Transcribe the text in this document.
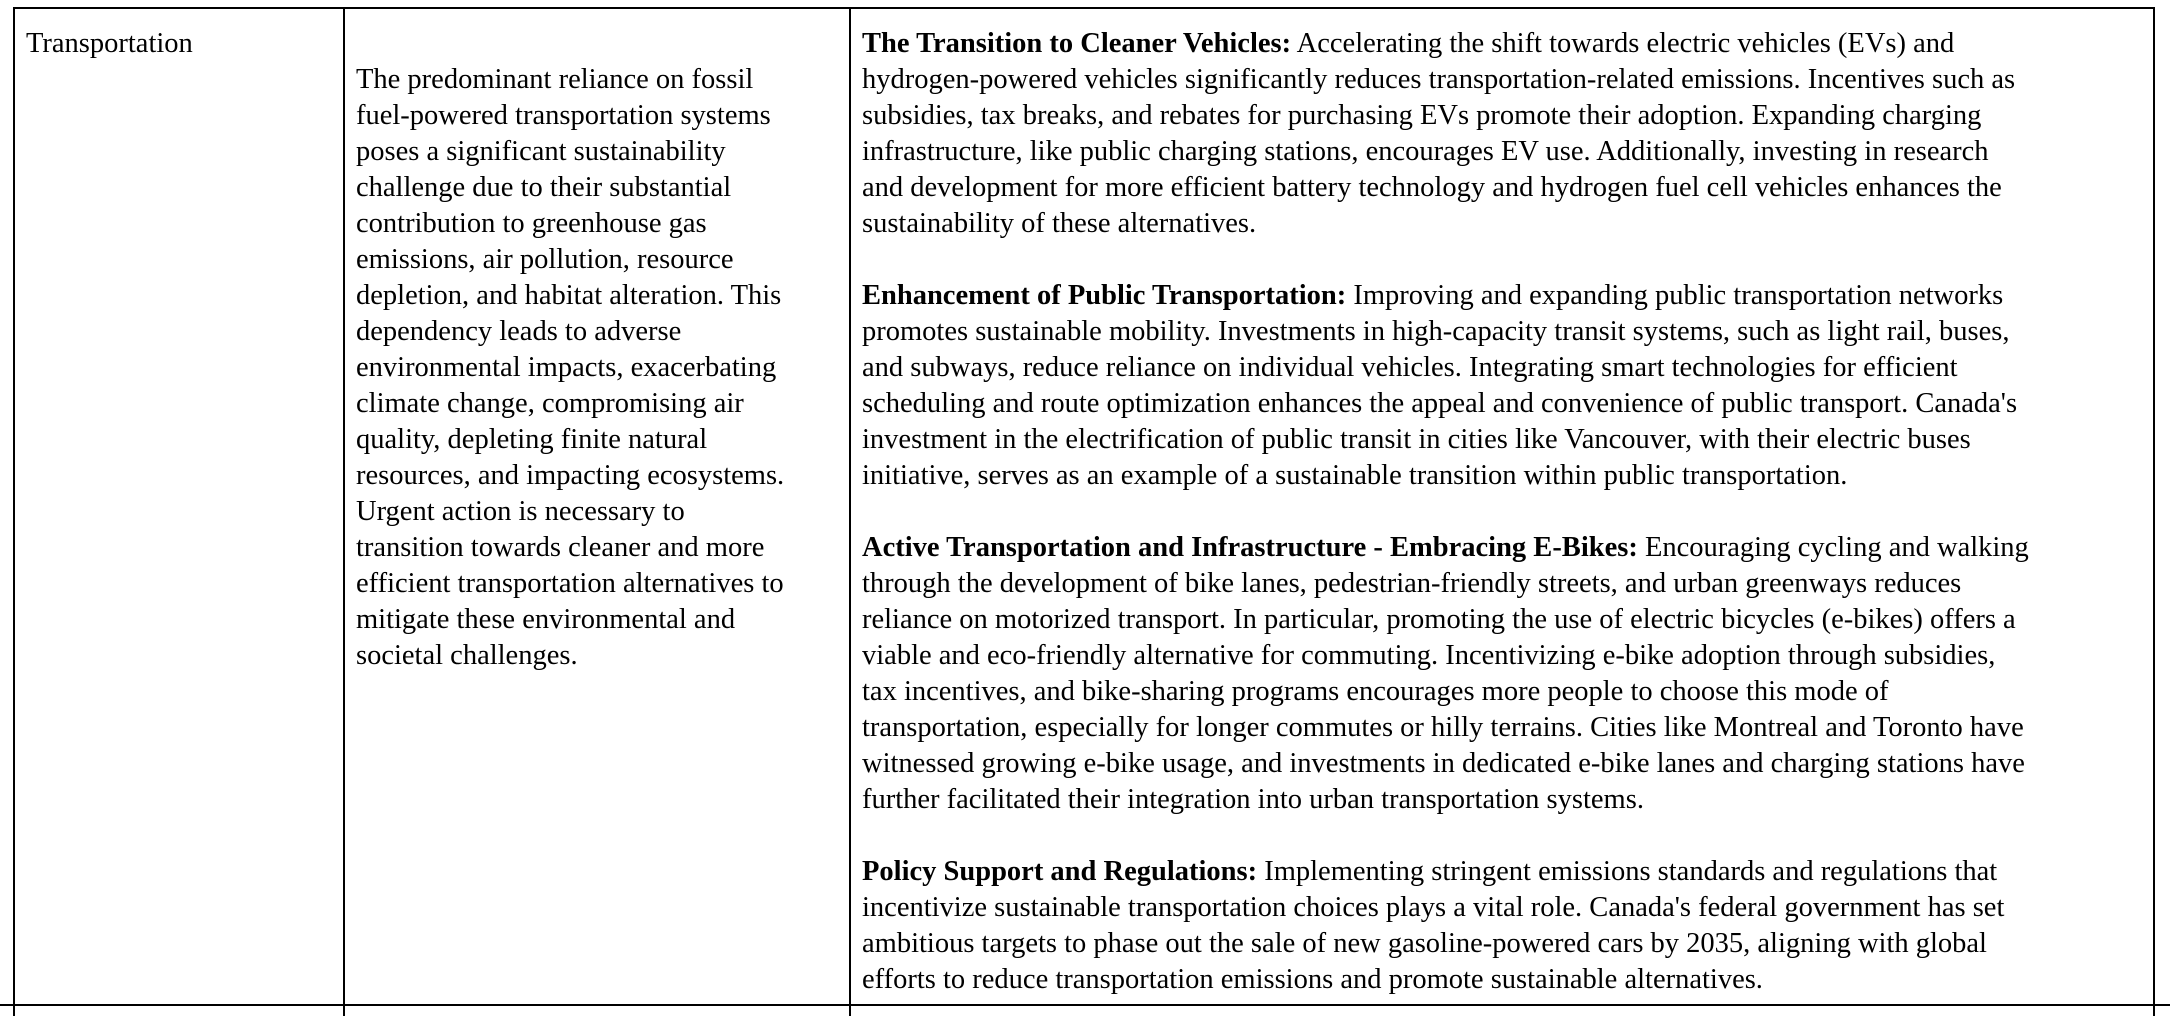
Transportation

The predominant reliance on fossil
fuel-powered transportation systems
poses a significant sustainability
challenge due to their substantial
contribution to greenhouse gas
emissions, air pollution, resource
depletion, and habitat alteration. This
dependency leads to adverse
environmental impacts, exacerbating
climate change, compromising air
quality, depleting finite natural
resources, and impacting ecosystems.
Urgent action is necessary to
transition towards cleaner and more
efficient transportation alternatives to
mitigate these environmental and
societal challenges.

The Transition to Cleaner Vehicles: Accelerating the shift towards electric vehicles (EVs) and
hydrogen-powered vehicles significantly reduces transportation-related emissions. Incentives such as
subsidies, tax breaks, and rebates for purchasing EVs promote their adoption. Expanding charging
infrastructure, like public charging stations, encourages EV use. Additionally, investing in research
and development for more efficient battery technology and hydrogen fuel cell vehicles enhances the
sustainability of these alternatives.

Enhancement of Public Transportation: Improving and expanding public transportation networks
promotes sustainable mobility. Investments in high-capacity transit systems, such as light rail, buses,
and subways, reduce reliance on individual vehicles. Integrating smart technologies for efficient
scheduling and route optimization enhances the appeal and convenience of public transport. Canada's
investment in the electrification of public transit in cities like Vancouver, with their electric buses
initiative, serves as an example of a sustainable transition within public transportation.

Active Transportation and Infrastructure - Embracing E-Bikes: Encouraging cycling and walking
through the development of bike lanes, pedestrian-friendly streets, and urban greenways reduces
reliance on motorized transport. In particular, promoting the use of electric bicycles (e-bikes) offers a
viable and eco-friendly alternative for commuting. Incentivizing e-bike adoption through subsidies,
tax incentives, and bike-sharing programs encourages more people to choose this mode of
transportation, especially for longer commutes or hilly terrains. Cities like Montreal and Toronto have
witnessed growing e-bike usage, and investments in dedicated e-bike lanes and charging stations have
further facilitated their integration into urban transportation systems.

Policy Support and Regulations: Implementing stringent emissions standards and regulations that
incentivize sustainable transportation choices plays a vital role. Canada's federal government has set
ambitious targets to phase out the sale of new gasoline-powered cars by 2035, aligning with global
efforts to reduce transportation emissions and promote sustainable alternatives.
